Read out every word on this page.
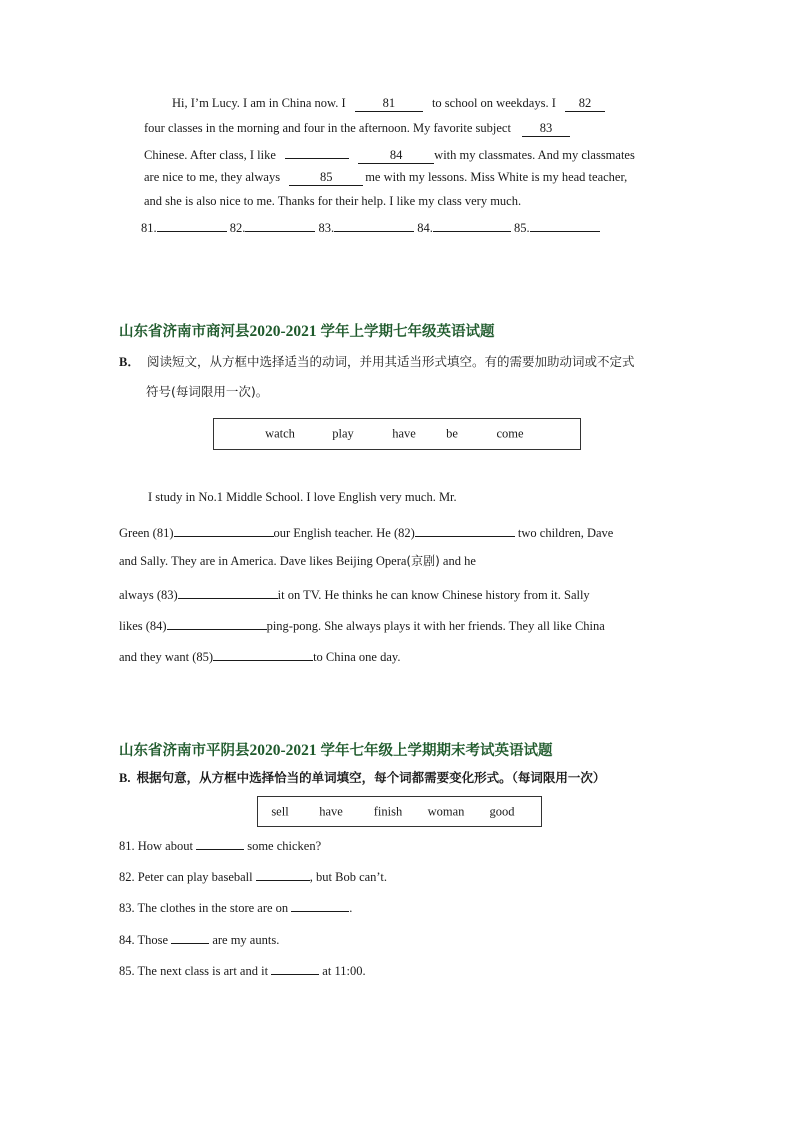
Hi, I’m Lucy. I am in China now. I	81	to school on weekdays. I 82
four classes in the morning and four in the afternoon. My favorite subject 83
Chinese. After class, I like	84	with my classmates. And my classmates
are nice to me, they always	85	me with my lessons. Miss White is my head teacher,
and she is also nice to me. Thanks for their help. I like my class very much.
81.	82.	83.	84.	85.
山东省济南市商河县2020-2021 学年上学期七年级英语试题
B． 阅读短文，从方框中选择适当的动词，并用其适当形式填空。有的需要加助动词或不定式
符号(每词限用一次)。
watch	play	have be	come
I study in No.1 Middle School. I love English very much. Mr.
Green (81)	our English teacher. He (82)	two children, Dave
and Sally. They are in America. Dave likes Beijing Opera(京剧) and he
always (83)	it on TV. He thinks he can know Chinese history from it. Sally
likes (84)	ping-pong. She always plays it with her friends. They all like China
and they want (85)	to China one day.
山东省济南市平阴县2020-2021 学年七年级上学期期末考试英语试题
B. 根据句意，从方框中选择恰当的单词填空，每个词都需要变化形式。（每词限用一次）
sell have finish woman good
81. How about	some chicken?
82. Peter can play baseball	, but Bob can’t.
83. The clothes in the store are on	.
84. Those	are my aunts.
85. The next class is art and it	at 11:00.
